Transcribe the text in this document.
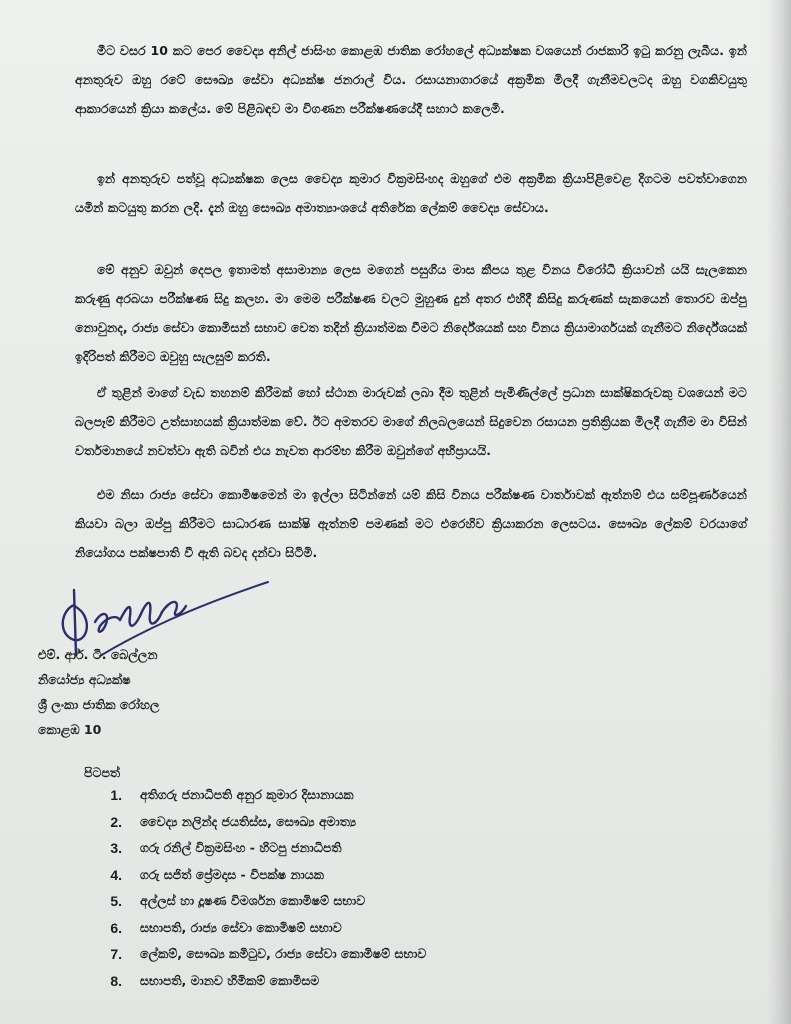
මීට වසර 10 කට පෙර වෛද්‍ය අනිල් ජාසිංහ කොළඹ ජාතික රෝහලේ අධ්‍යක්ෂක වශයෙන් රාජකාරි ඉටු කරනු ලැබීය. ඉන් අනතුරුව ඔහු රටේ සෞඛ්‍ය සේවා අධ්‍යක්ෂ ජනරාල් විය. රසායනාගාරයේ අක්‍රමික මිලදී ගැනීමවලටද ඔහු වගකිවයුතු ආකාරයෙන් ක්‍රියා කලේය. මේ පිළිබඳව මා විගණන පරීක්ෂණයේදී සහාථ කලෙමි.

ඉන් අනතුරුව පත්වූ අධ්‍යක්ෂක ලෙස වෛද්‍ය කුමාර වික්‍රමසිංහද ඔහුගේ එම අක්‍රමික ක්‍රියාපිළිවෙළ දිගටම පවත්වාගෙන යමින් කටයුතු කරන ලදි. දැන් ඔහු සෞඛ්‍ය අමාත්‍යාංශයේ අතිරේක ලේකම් වෛද්‍ය සේවාය.

මේ අනුව ඔවුන් දෙපල ඉතාමත් අසාමාන්‍ය ලෙස මගෙන් පසුගිය මාස කීපය තුළ විනය විරෝධී ක්‍රියාවන් යයි සැලකෙන කරුණු අරබයා පරීක්ෂණ සිදු කලහ. මා මෙම පරීක්ෂණ වලට මුහුණ දුන් අතර එහිදී කිසිදු කරුණක් සැකයෙන් තොරව ඔප්පු නොවුනද, රාජ්‍ය සේවා කොමිසන් සභාව වෙත තදින් ක්‍රියාත්මක වීමට නිර්දේශයක් සහ විනය ක්‍රියාමාර්ගයක් ගැනීමට නිර්දේශයක් ඉදිරිපත් කිරීමට ඔවුහු සැලසුම් කරති.

ඒ තුළින් මාගේ වැඩ තහනම් කිරීමක් හෝ ස්ථාන මාරුවක් ලබා දීම තුළින් පැමිණිල්ලේ ප්‍රධාන සාක්ෂිකරුවකු වශයෙන් මට බලපෑම් කිරීමට උත්සාහයක් ක්‍රියාත්මක වේ. ඊට අමතරව මාගේ නිලබලයෙන් සිදුවෙන රසායන ප්‍රතික්‍රියක මිලදී ගැනීම මා විසින් වර්තමානයේ නවත්වා ඇති බවින් එය නැවත ආරම්භ කිරීම ඔවුන්ගේ අභිප්‍රායයි.

එම නිසා රාජ්‍ය සේවා කොමිෂමෙන් මා ඉල්ලා සිටින්නේ යම් කිසි විනය පරීක්ෂණ වාර්තාවක් ඇත්නම් එය සම්පූර්ණයෙන් කියවා බලා ඔප්පු කිරීමට සාධාරණ සාක්ෂි ඇත්නම් පමණක් මට එරෙහිව ක්‍රියාකරන ලෙසටය. සෞඛ්‍ය ලේකම් වරයාගේ නියෝගය පක්ෂපාති වී ඇති බවද දන්වා සිටිමි.

එම්. ආර්. ටී. බෙල්ලන
නියෝජ්‍ය අධ්‍යක්ෂ
ශ්‍රී ලංකා ජාතික රෝහල
කොළඹ 10
පිටපත්
1.	අතිගරු ජනාධිපති අනුර කුමාර දිසානායක
2.	වෛද්‍ය නලින්ද ජයතිස්ස, සෞඛ්‍ය අමාත්‍ය
3.	ගරු රනිල් වික්‍රමසිංහ - හිටපු ජනාධිපති
4.	ගරු සජිත් ප්‍රේමදාස - විපක්ෂ නායක
5.	අල්ලස් හා දූෂණ විමර්ශන කොමිෂම් සභාව
6.	සභාපති, රාජ්‍ය සේවා කොමිෂම් සභාව
7.	ලේකම්, සෞඛ්‍ය කමිටුව, රාජ්‍ය සේවා කොමිෂම් සභාව
8.	සභාපති, මානව හිමිකම් කොමිසම
